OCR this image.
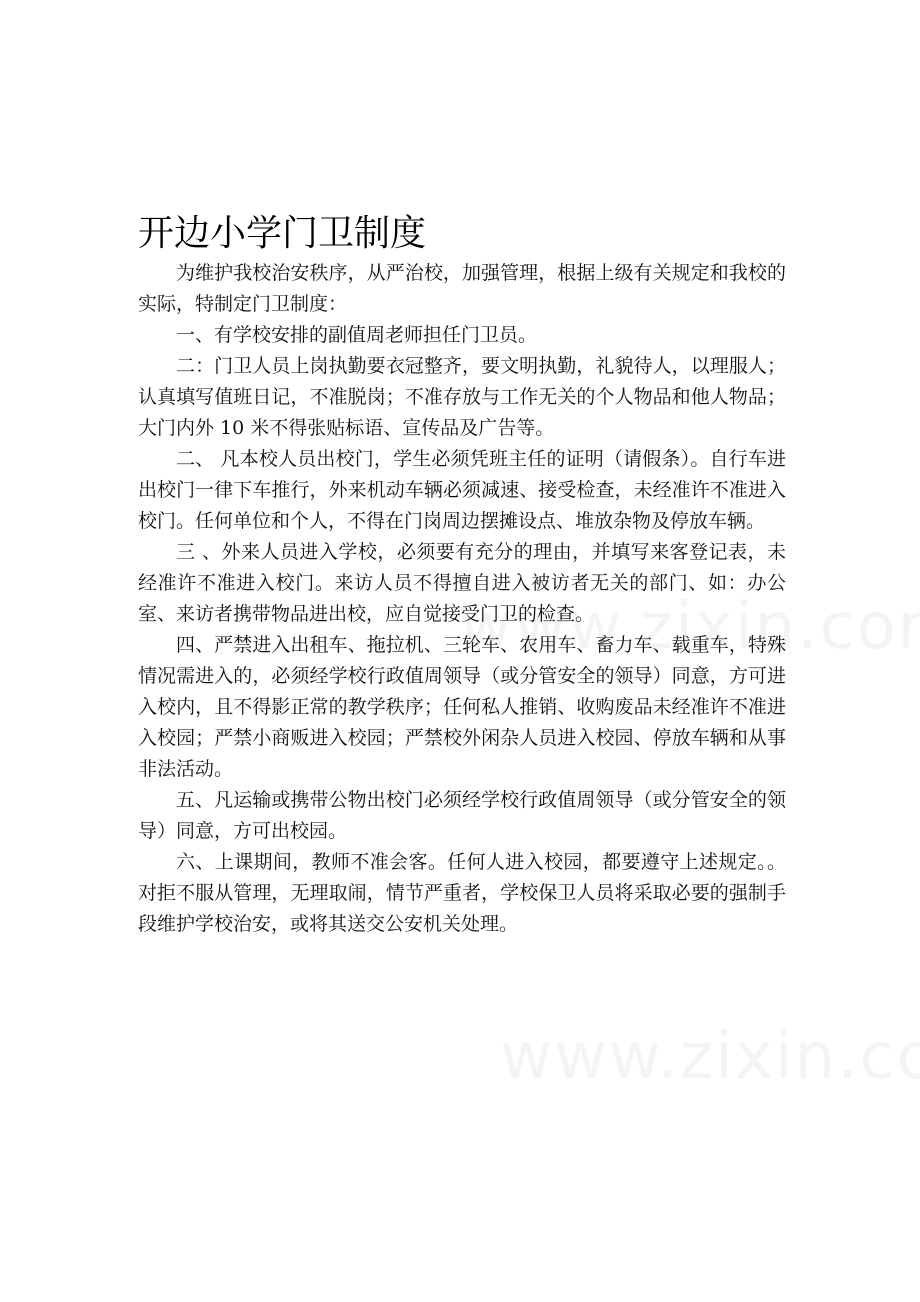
开边小学门卫制度

为维护我校治安秩序，从严治校，加强管理，根据上级有关规定和我校的实际，特制定门卫制度：

一、有学校安排的副值周老师担任门卫员。

二：门卫人员上岗执勤要衣冠整齐，要文明执勤，礼貌待人，以理服人；认真填写值班日记，不准脱岗；不准存放与工作无关的个人物品和他人物品；大门内外 10 米不得张贴标语、宣传品及广告等。

二、 凡本校人员出校门，学生必须凭班主任的证明（请假条）。自行车进出校门一律下车推行，外来机动车辆必须减速、接受检查，未经准许不准进入校门。任何单位和个人，不得在门岗周边摆摊设点、堆放杂物及停放车辆。

三 、外来人员进入学校，必须要有充分的理由，并填写来客登记表，未经准许不准进入校门。来访人员不得擅自进入被访者无关的部门、如：办公室、来访者携带物品进出校，应自觉接受门卫的检查。

四、严禁进入出租车、拖拉机、三轮车、农用车、畜力车、载重车，特殊情况需进入的，必须经学校行政值周领导（或分管安全的领导）同意，方可进入校内，且不得影正常的教学秩序；任何私人推销、收购废品未经准许不准进入校园；严禁小商贩进入校园；严禁校外闲杂人员进入校园、停放车辆和从事非法活动。

五、凡运输或携带公物出校门必须经学校行政值周领导（或分管安全的领导）同意，方可出校园。

六、上课期间，教师不准会客。任何人进入校园，都要遵守上述规定。。对拒不服从管理，无理取闹，情节严重者，学校保卫人员将采取必要的强制手段维护学校治安，或将其送交公安机关处理。
